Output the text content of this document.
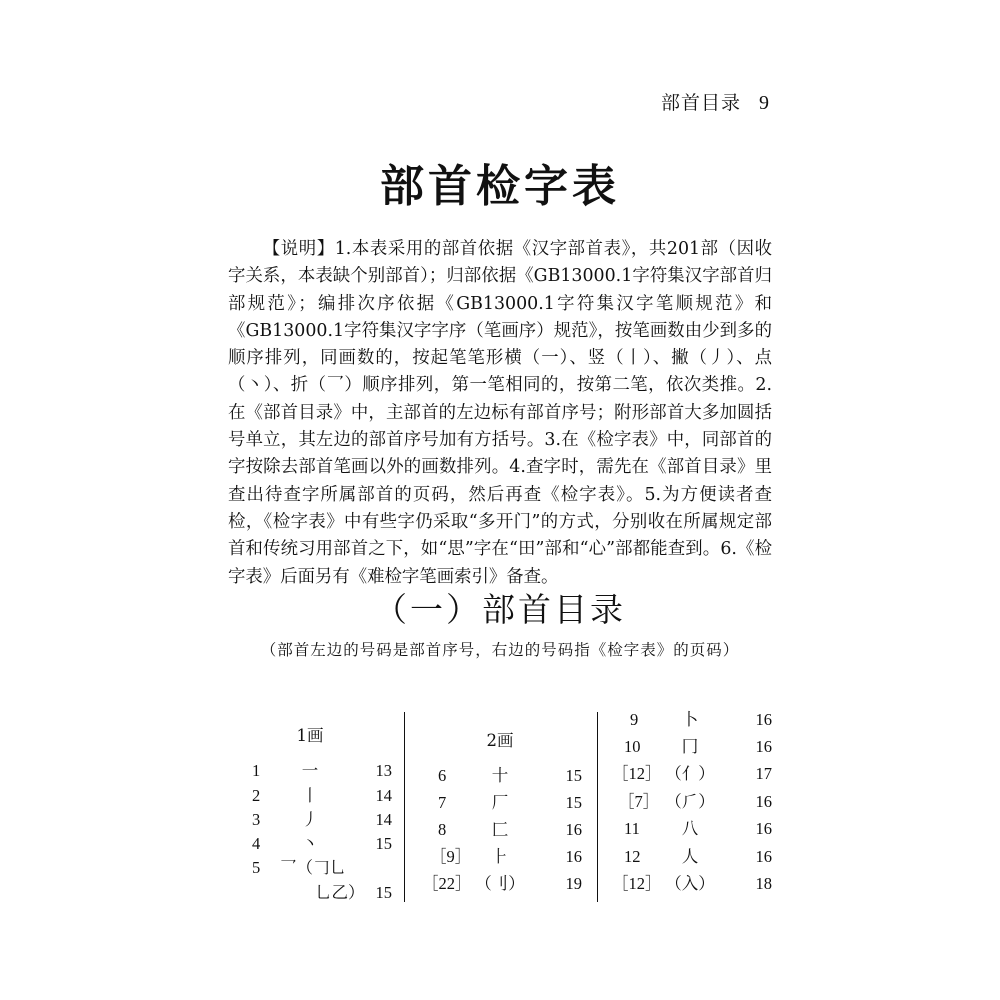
部首目录 9
部首检字表

【说明】1.本表采用的部首依据《汉字部首表》，共201部（因收字关系，本表缺个别部首）；归部依据《GB13000.1字符集汉字部首归部规范》；编排次序依据《GB13000.1字符集汉字笔顺规范》和《GB13000.1字符集汉字字序（笔画序）规范》，按笔画数由少到多的顺序排列，同画数的，按起笔笔形横（一）、竖（丨）、撇（丿）、点（丶）、折（乛）顺序排列，第一笔相同的，按第二笔，依次类推。2.在《部首目录》中，主部首的左边标有部首序号；附形部首大多加圆括号单立，其左边的部首序号加有方括号。3.在《检字表》中，同部首的字按除去部首笔画以外的画数排列。4.查字时，需先在《部首目录》里查出待查字所属部首的页码，然后再查《检字表》。5.为方便读者查检，《检字表》中有些字仍采取“多开门”的方式，分别收在所属规定部首和传统习用部首之下，如“思”字在“田”部和“心”部都能查到。6.《检字表》后面另有《难检字笔画索引》备查。

（一）部首目录
（部首左边的号码是部首序号，右边的号码指《检字表》的页码）
1画
1	一	13
2	丨	14
3	丿	14
4	丶	15
5 乛（𠃌乚
乚乙） 15
2画
6	十	15
7	厂	15
8	匚	16
［9］	⺊	16
［22］ （刂）	19
9	卜	16
10	冂	16
［12］ （亻）	17
［7］ （⺁）	16
11	八	16
12	人	16
［12］ （入）	18
